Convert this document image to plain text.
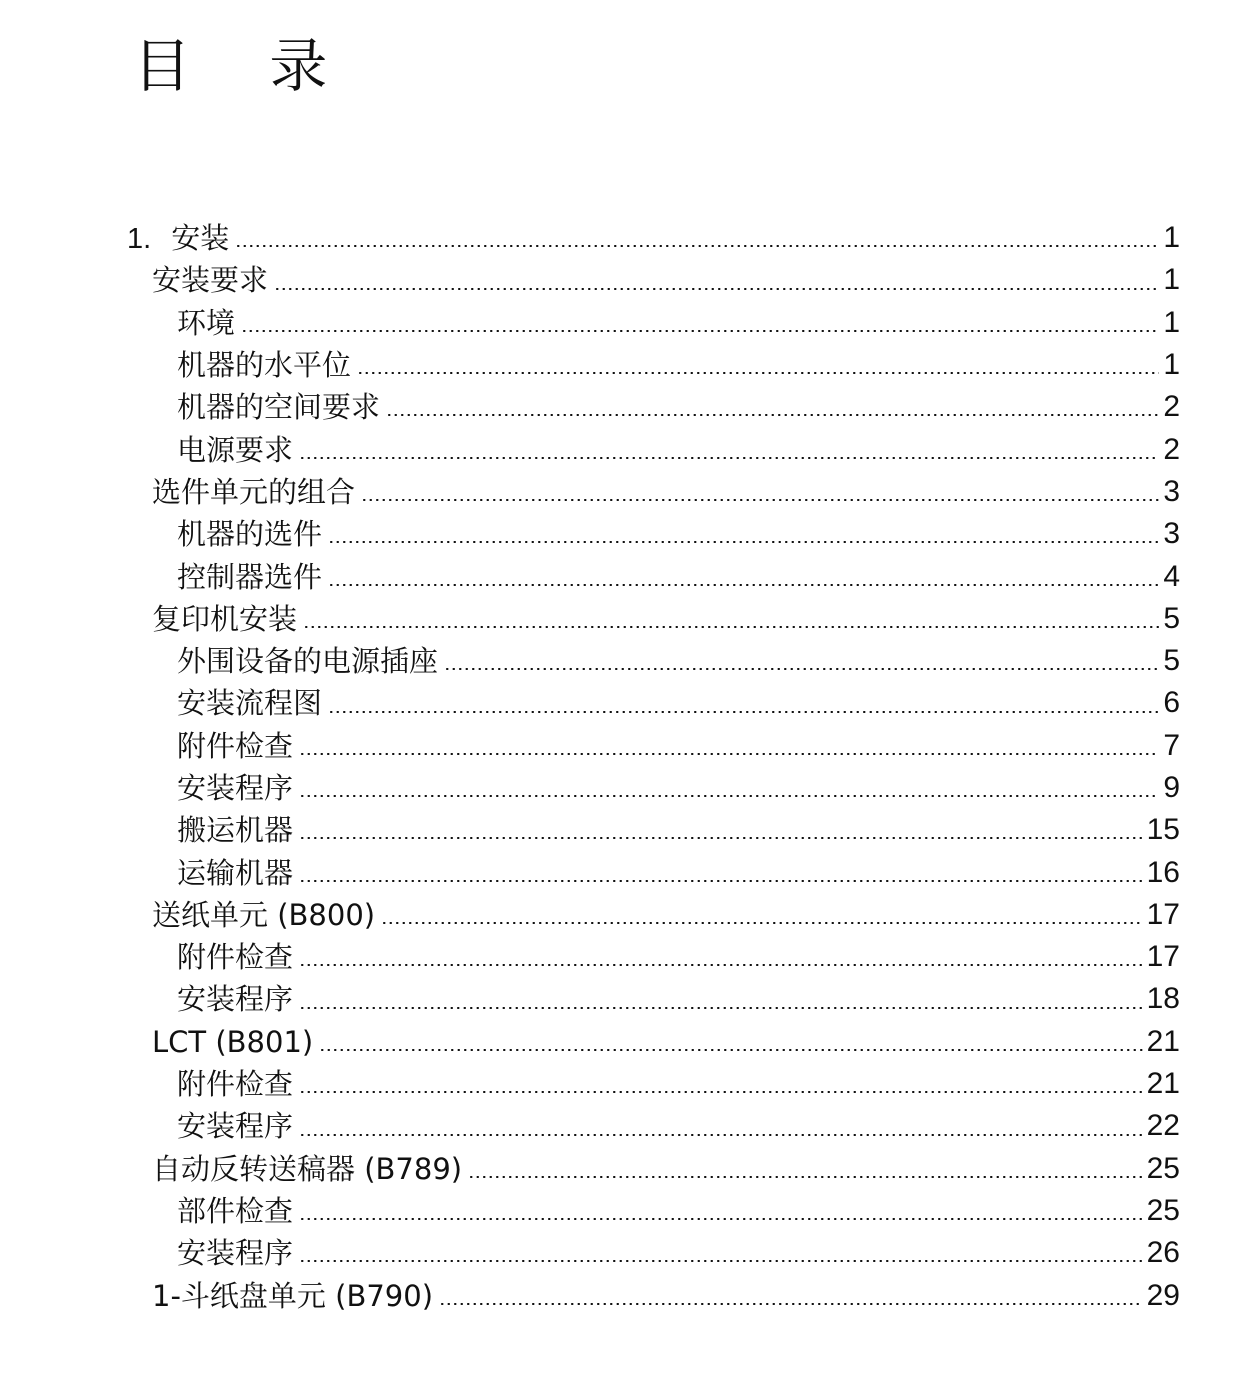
目 录
1. 安装	1
安装要求	1
环境	1
机器的水平位	1
机器的空间要求	2
电源要求	2
选件单元的组合	3
机器的选件	3
控制器选件	4
复印机安装	5
外围设备的电源插座	5
安装流程图	6
附件检查	7
安装程序	9
搬运机器	15
运输机器	16
送纸单元 (B800)	17
附件检查	17
安装程序	18
LCT (B801)	21
附件检查	21
安装程序	22
自动反转送稿器 (B789)	25
部件检查	25
安装程序	26
1-斗纸盘单元 (B790)	29
